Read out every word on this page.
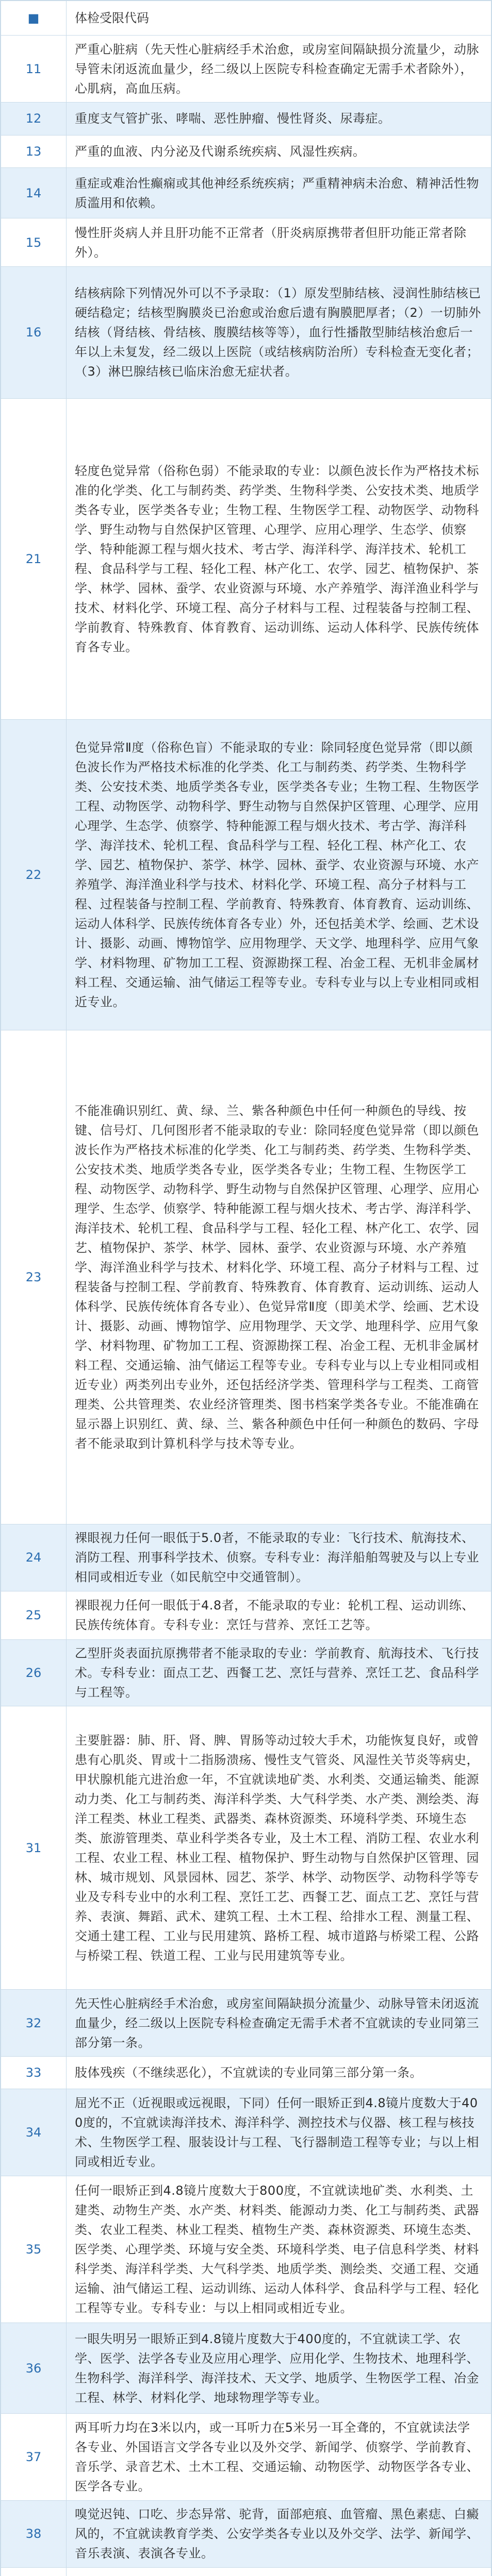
■	体检受限代码
11	严重心脏病（先天性心脏病经手术治愈，或房室间隔缺损分流量少，动脉导管未闭返流血量少，经二级以上医院专科检查确定无需手术者除外），心肌病，高血压病。

12	重度支气管扩张、哮喘、恶性肿瘤、慢性肾炎、尿毒症。

13	严重的血液、内分泌及代谢系统疾病、风湿性疾病。

14	重症或难治性癫痫或其他神经系统疾病；严重精神病未治愈、精神活性物质滥用和依赖。

15	慢性肝炎病人并且肝功能不正常者（肝炎病原携带者但肝功能正常者除外）。

16	结核病除下列情况外可以不予录取：（1）原发型肺结核、浸润性肺结核已硬结稳定；结核型胸膜炎已治愈或治愈后遗有胸膜肥厚者；（2）一切肺外结核（肾结核、骨结核、腹膜结核等等），血行性播散型肺结核治愈后一年以上未复发，经二级以上医院（或结核病防治所）专科检查无变化者；（3）淋巴腺结核已临床治愈无症状者。

21	轻度色觉异常（俗称色弱）不能录取的专业：以颜色波长作为严格技术标准的化学类、化工与制药类、药学类、生物科学类、公安技术类、地质学类各专业，医学类各专业；生物工程、生物医学工程、动物医学、动物科学、野生动物与自然保护区管理、心理学、应用心理学、生态学、侦察学、特种能源工程与烟火技术、考古学、海洋科学、海洋技术、轮机工程、食品科学与工程、轻化工程、林产化工、农学、园艺、植物保护、茶学、林学、园林、蚕学、农业资源与环境、水产养殖学、海洋渔业科学与技术、材料化学、环境工程、高分子材料与工程、过程装备与控制工程、学前教育、特殊教育、体育教育、运动训练、运动人体科学、民族传统体育各专业。

22	色觉异常Ⅱ度（俗称色盲）不能录取的专业：除同轻度色觉异常（即以颜色波长作为严格技术标准的化学类、化工与制药类、药学类、生物科学类、公安技术类、地质学类各专业，医学类各专业；生物工程、生物医学工程、动物医学、动物科学、野生动物与自然保护区管理、心理学、应用心理学、生态学、侦察学、特种能源工程与烟火技术、考古学、海洋科学、海洋技术、轮机工程、食品科学与工程、轻化工程、林产化工、农学、园艺、植物保护、茶学、林学、园林、蚕学、农业资源与环境、水产养殖学、海洋渔业科学与技术、材料化学、环境工程、高分子材料与工程、过程装备与控制工程、学前教育、特殊教育、体育教育、运动训练、运动人体科学、民族传统体育各专业）外，还包括美术学、绘画、艺术设计、摄影、动画、博物馆学、应用物理学、天文学、地理科学、应用气象学、材料物理、矿物加工工程、资源勘探工程、冶金工程、无机非金属材料工程、交通运输、油气储运工程等专业。专科专业与以上专业相同或相近专业。

23	不能准确识别红、黄、绿、兰、紫各种颜色中任何一种颜色的导线、按键、信号灯、几何图形者不能录取的专业：除同轻度色觉异常（即以颜色波长作为严格技术标准的化学类、化工与制药类、药学类、生物科学类、公安技术类、地质学类各专业，医学类各专业；生物工程、生物医学工程、动物医学、动物科学、野生动物与自然保护区管理、心理学、应用心理学、生态学、侦察学、特种能源工程与烟火技术、考古学、海洋科学、海洋技术、轮机工程、食品科学与工程、轻化工程、林产化工、农学、园艺、植物保护、茶学、林学、园林、蚕学、农业资源与环境、水产养殖学、海洋渔业科学与技术、材料化学、环境工程、高分子材料与工程、过程装备与控制工程、学前教育、特殊教育、体育教育、运动训练、运动人体科学、民族传统体育各专业）、色觉异常Ⅱ度（即美术学、绘画、艺术设计、摄影、动画、博物馆学、应用物理学、天文学、地理科学、应用气象学、材料物理、矿物加工工程、资源勘探工程、冶金工程、无机非金属材料工程、交通运输、油气储运工程等专业。专科专业与以上专业相同或相近专业）两类列出专业外，还包括经济学类、管理科学与工程类、工商管理类、公共管理类、农业经济管理类、图书档案学类各专业。不能准确在显示器上识别红、黄、绿、兰、紫各种颜色中任何一种颜色的数码、字母者不能录取到计算机科学与技术等专业。

24	裸眼视力任何一眼低于5.0者，不能录取的专业：飞行技术、航海技术、消防工程、刑事科学技术、侦察。专科专业：海洋船舶驾驶及与以上专业相同或相近专业（如民航空中交通管制）。

25	裸眼视力任何一眼低于4.8者，不能录取的专业：轮机工程、运动训练、民族传统体育。专科专业：烹饪与营养、烹饪工艺等。

26	乙型肝炎表面抗原携带者不能录取的专业：学前教育、航海技术、飞行技术。专科专业：面点工艺、西餐工艺、烹饪与营养、烹饪工艺、食品科学与工程等。

31	主要脏器：肺、肝、肾、脾、胃肠等动过较大手术，功能恢复良好，或曾患有心肌炎、胃或十二指肠溃疡、慢性支气管炎、风湿性关节炎等病史，甲状腺机能亢进治愈一年，不宜就读地矿类、水利类、交通运输类、能源动力类、化工与制药类、海洋科学类、大气科学类、水产类、测绘类、海洋工程类、林业工程类、武器类、森林资源类、环境科学类、环境生态类、旅游管理类、草业科学类各专业，及土木工程、消防工程、农业水利工程、农业工程、林业工程、植物保护、野生动物与自然保护区管理、园林、城市规划、风景园林、园艺、茶学、林学、动物医学、动物科学等专业及专科专业中的水利工程、烹饪工艺、西餐工艺、面点工艺、烹饪与营养、表演、舞蹈、武术、建筑工程、土木工程、给排水工程、测量工程、交通土建工程、工业与民用建筑、路桥工程、城市道路与桥梁工程、公路与桥梁工程、铁道工程、工业与民用建筑等专业。

32	先天性心脏病经手术治愈，或房室间隔缺损分流量少、动脉导管未闭返流血量少，经二级以上医院专科检查确定无需手术者不宜就读的专业同第三部分第一条。

33	肢体残疾（不继续恶化），不宜就读的专业同第三部分第一条。

34	屈光不正（近视眼或远视眼，下同）任何一眼矫正到4.8镜片度数大于400度的，不宜就读海洋技术、海洋科学、测控技术与仪器、核工程与核技术、生物医学工程、服装设计与工程、飞行器制造工程等专业；与以上相同或相近专业。

35	任何一眼矫正到4.8镜片度数大于800度，不宜就读地矿类、水利类、土建类、动物生产类、水产类、材料类、能源动力类、化工与制药类、武器类、农业工程类、林业工程类、植物生产类、森林资源类、环境生态类、医学类、心理学类、环境与安全类、环境科学类、电子信息科学类、材料科学类、海洋科学类、大气科学类、地质学类、测绘类、交通工程、交通运输、油气储运工程、运动训练、运动人体科学、食品科学与工程、轻化工程等专业。专科专业：与以上相同或相近专业。

36	一眼失明另一眼矫正到4.8镜片度数大于400度的，不宜就读工学、农学、医学、法学各专业及应用心理学、应用化学、生物技术、地理科学、生物科学、海洋科学、海洋技术、天文学、地质学、生物医学工程、冶金工程、林学、材料化学、地球物理学等专业。

37	两耳听力均在3米以内，或一耳听力在5米另一耳全聋的，不宜就读法学各专业、外国语言文学各专业以及外交学、新闻学、侦察学、学前教育、音乐学、录音艺术、土木工程、交通运输、动物医学、动物医学各专业、医学各专业。

38	嗅觉迟钝、口吃、步态异常、驼背，面部疤痕、血管瘤、黑色素痣、白癜风的，不宜就读教育学类、公安学类各专业以及外交学、法学、新闻学、音乐表演、表演各专业。
